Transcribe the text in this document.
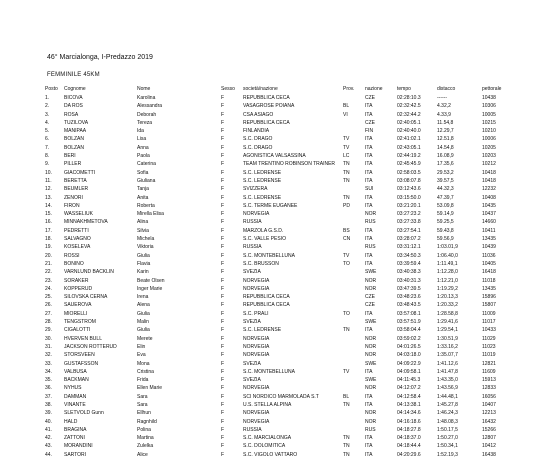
46° Marcialonga, I-Predazzo 2019
FEMMINILE 45KM
Posto	Cognome	Nome	Sesso	società/nazione	Prov.	nazione	tempo	distacco	pettorale
1.	BICOVA	Karolina	F	REPUBBLICA CECA		CZE	02:28:10.3	------	10438
2.	DA ROS	Alessandra	F	VASAGROSE POIANA	BL	ITA	02:32:42.5	4.32,2	10306
3.	ROSA	Deborah	F	CSA ASIAGO	VI	ITA	02:32:44.2	4.33,9	10005
4.	TUZILOVA	Tereza	F	REPUBBLICA CECA		CZE	02:40:05.1	11.54,8	10215
5.	MANIPAA	Ida	F	FINLANDIA		FIN	02:40:40.0	12.29,7	10210
6.	BOLZAN	Lisa	F	S.C. DRAGO	TV	ITA	02:41:02.1	12.51,8	10006
7.	BOLZAN	Anna	F	S.C. DRAGO	TV	ITA	02:43:05.1	14.54,8	10205
8.	BERI	Paola	F	AGONISTICA VALSASSINA	LC	ITA	02:44:19.2	16.08,9	10203
9.	PILLER	Caterina	F	TEAM TRENTINO ROBINSON TRAINER	TN	ITA	02:45:45.9	17.35,6	10212
10.	GIACOMETTI	Sofia	F	S.C. LEDRENSE	TN	ITA	02:58:03.5	29.53,2	10418
11.	BERETTA	Giuliana	F	S.C. LEDRENSE	TN	ITA	03:08:07.8	39.57,5	10418
12.	BEUMLER	Tanja	F	SVIZZERA		SUI	03:12:43.6	44.32,3	12232
13.	ZENORI	Anita	F	S.C. LEDRENSE	TN	ITA	03:15:50.0	47.39,7	10408
14.	FIRON	Roberta	F	S.C. TERME EUGANEE	PD	ITA	03:21:20.1	53.09,8	10435
15.	WASSELIUK	Mirella Elisa	F	NORVEGIA		NOR	03:27:23.2	59.14,9	10437
16.	MINNAKHMETOVA	Alina	F	RUSSIA		RUS	03:27:33.8	59.25,5	14660
17.	PEDRETTI	Silvia	F	MARZOLA G.S.D.	BS	ITA	03:27:54.1	59.43,8	10411
18.	SALVAGNO	Michela	F	S.C. VALLE PESIO	CN	ITA	03:28:07.2	59.56,9	13435
19.	KOSELEVA	Viktoria	F	RUSSIA		RUS	03:31:12.1	1:03.01,9	10439
20.	ROSSI	Giulia	F	S.C. MONTEBELLUNA	TV	ITA	03:34:50.3	1:06.40,0	11036
21.	BONINO	Flavia	F	S.C. BRUSSON	TO	ITA	03:39:59.4	1:11.49,1	10405
22.	VARNLUND BACKLIN	Karin	F	SVEZIA		SWE	03:40:38.3	1:12.28,0	16418
23.	SORAKER	Beate Olsen	F	NORVEGIA		NOR	03:40:31.3	1:12.21,0	11018
24.	KOPPERUD	Inger Marie	F	NORVEGIA		NOR	03:47:39.5	1:19.29,2	13435
25.	SILOVSKA CERNA	Irena	F	REPUBBLICA CECA		CZE	03:48:23.6	1:20.13,3	15896
26.	SAUEROVA	Alena	F	REPUBBLICA CECA		CZE	03:48:43.5	1:20.33,2	15807
27.	MIORELLI	Giulia	F	S.C. PRALI	TO	ITA	03:57:08.1	1:28.58,8	11009
28.	TENGSTROM	Malin	F	SVEZIA		SWE	03:57:51.9	1:29.41,6	11017
29.	CIGALOTTI	Giulia	F	S.C. LEDRENSE	TN	ITA	03:58:04.4	1:29.54,1	10433
30.	HVERVEN BULL	Merete	F	NORVEGIA		NOR	03:59:02.2	1:30.51,9	11029
31.	JACKSON ROTTERUD	Elin	F	NORVEGIA		NOR	04:01:26.5	1:33.16,2	11023
32.	STORSVEEN	Eva	F	NORVEGIA		NOR	04:03:18.0	1:35.07,7	11019
33.	GUSTAFSSON	Mona	F	SVEZIA		SWE	04:09:22.9	1:41.12,6	12821
34.	VALBUSA	Cristina	F	S.C. MONTEBELLUNA	TV	ITA	04:09:58.1	1:41.47,8	11609
35.	BACKMAN	Frida	F	SVEZIA		SWE	04:11:45.3	1:43.35,0	15913
36.	NYHUS	Ellen Marie	F	NORVEGIA		NOR	04:12:07.2	1:43.56,9	12833
37.	DAMMAN	Sara	F	SCI NORDICO MARMOLADA S.T	BL	ITA	04:12:58.4	1:44.48,1	16056
38.	VINANTE	Sara	F	U.S. STELLA ALPINA	TN	ITA	04:13:38.1	1:45.27,8	10407
39.	SLETVOLD Gunn	Ellhun	F	NORVEGIA		NOR	04:14:34.6	1:46.24,3	12213
40.	HALD	Ragnhild	F	NORVEGIA		NOR	04:16:18.6	1:48.08,3	16432
41.	BRAGINA	Polina	F	RUSSIA		RUS	04:18:27.8	1:50.17,5	15266
42.	ZATTONI	Martina	F	S.C. MARCIALONGA	TN	ITA	04:18:37.0	1:50.27,0	12807
43.	MORANDINI	Zulelka	F	S.C. DOLOMITICA	TN	ITA	04:18:44.4	1:50.34,1	10412
44.	SARTORI	Alice	F	S.C. VIGOLO VATTARO	TN	ITA	04:20:29.6	1:52.19,3	16438
